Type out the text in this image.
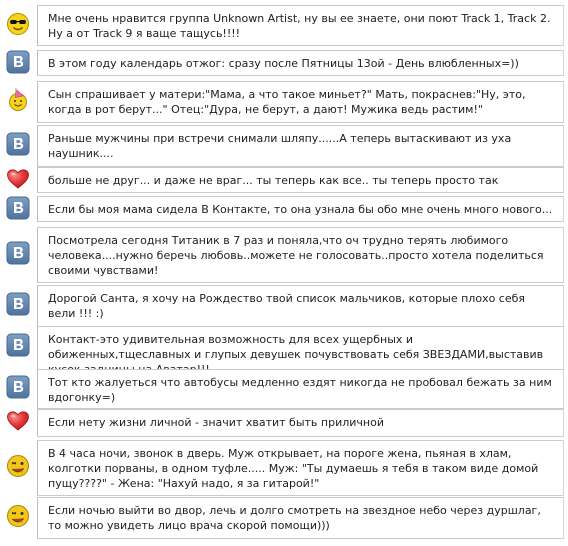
Мне очень нравится группа Unknown Artist, ну вы ее знаете, они поют Track 1, Track 2. Ну а от Track 9 я ваще тащусь!!!!
В этом году календарь отжог: сразу после Пятницы 13ой - День влюбленных=))
Сын спрашивает у матери:"Мама, а что такое миньет?" Мать, покраснев:"Ну, это, когда в рот берут..." Отец:"Дура, не берут, а дают! Мужика ведь растим!"
Раньше мужчины при встречи снимали шляпу......А теперь вытаскивают из уха наушник....
больше не друг... и даже не враг... ты теперь как все.. ты теперь просто так
Если бы моя мама сидела В Контакте, то она узнала бы обо мне очень много нового...
Посмотрела сегодня Титаник в 7 раз и поняла,что оч трудно терять любимого человека....нужно беречь любовь..можете не голосовать..просто хотела поделиться своими чувствами!
Дорогой Санта, я хочу на Рождество твой список мальчиков, которые плохо себя вели !!! :)
Контакт-это удивительная возможность для всех ущербных и обиженных,тщеславных и глупых девушек почувствовать себя ЗВЕЗДАМИ,выставив
Тот кто жалуеться что автобусы медленно ездят никогда не пробовал бежать за ним вдогонку=)
Если нету жизни личной - значит хватит быть приличной
В 4 часа ночи, звонок в дверь. Муж открывает, на пороге жена, пьяная в хлам, колготки порваны, в одном туфле..... Муж: "Ты думаешь я тебя в таком виде домой пущу????" - Жена: "Нахуй надо, я за гитарой!"
Если ночью выйти во двор, лечь и долго смотреть на звездное небо через дуршлаг, то можно увидеть лицо врача скорой помощи)))
